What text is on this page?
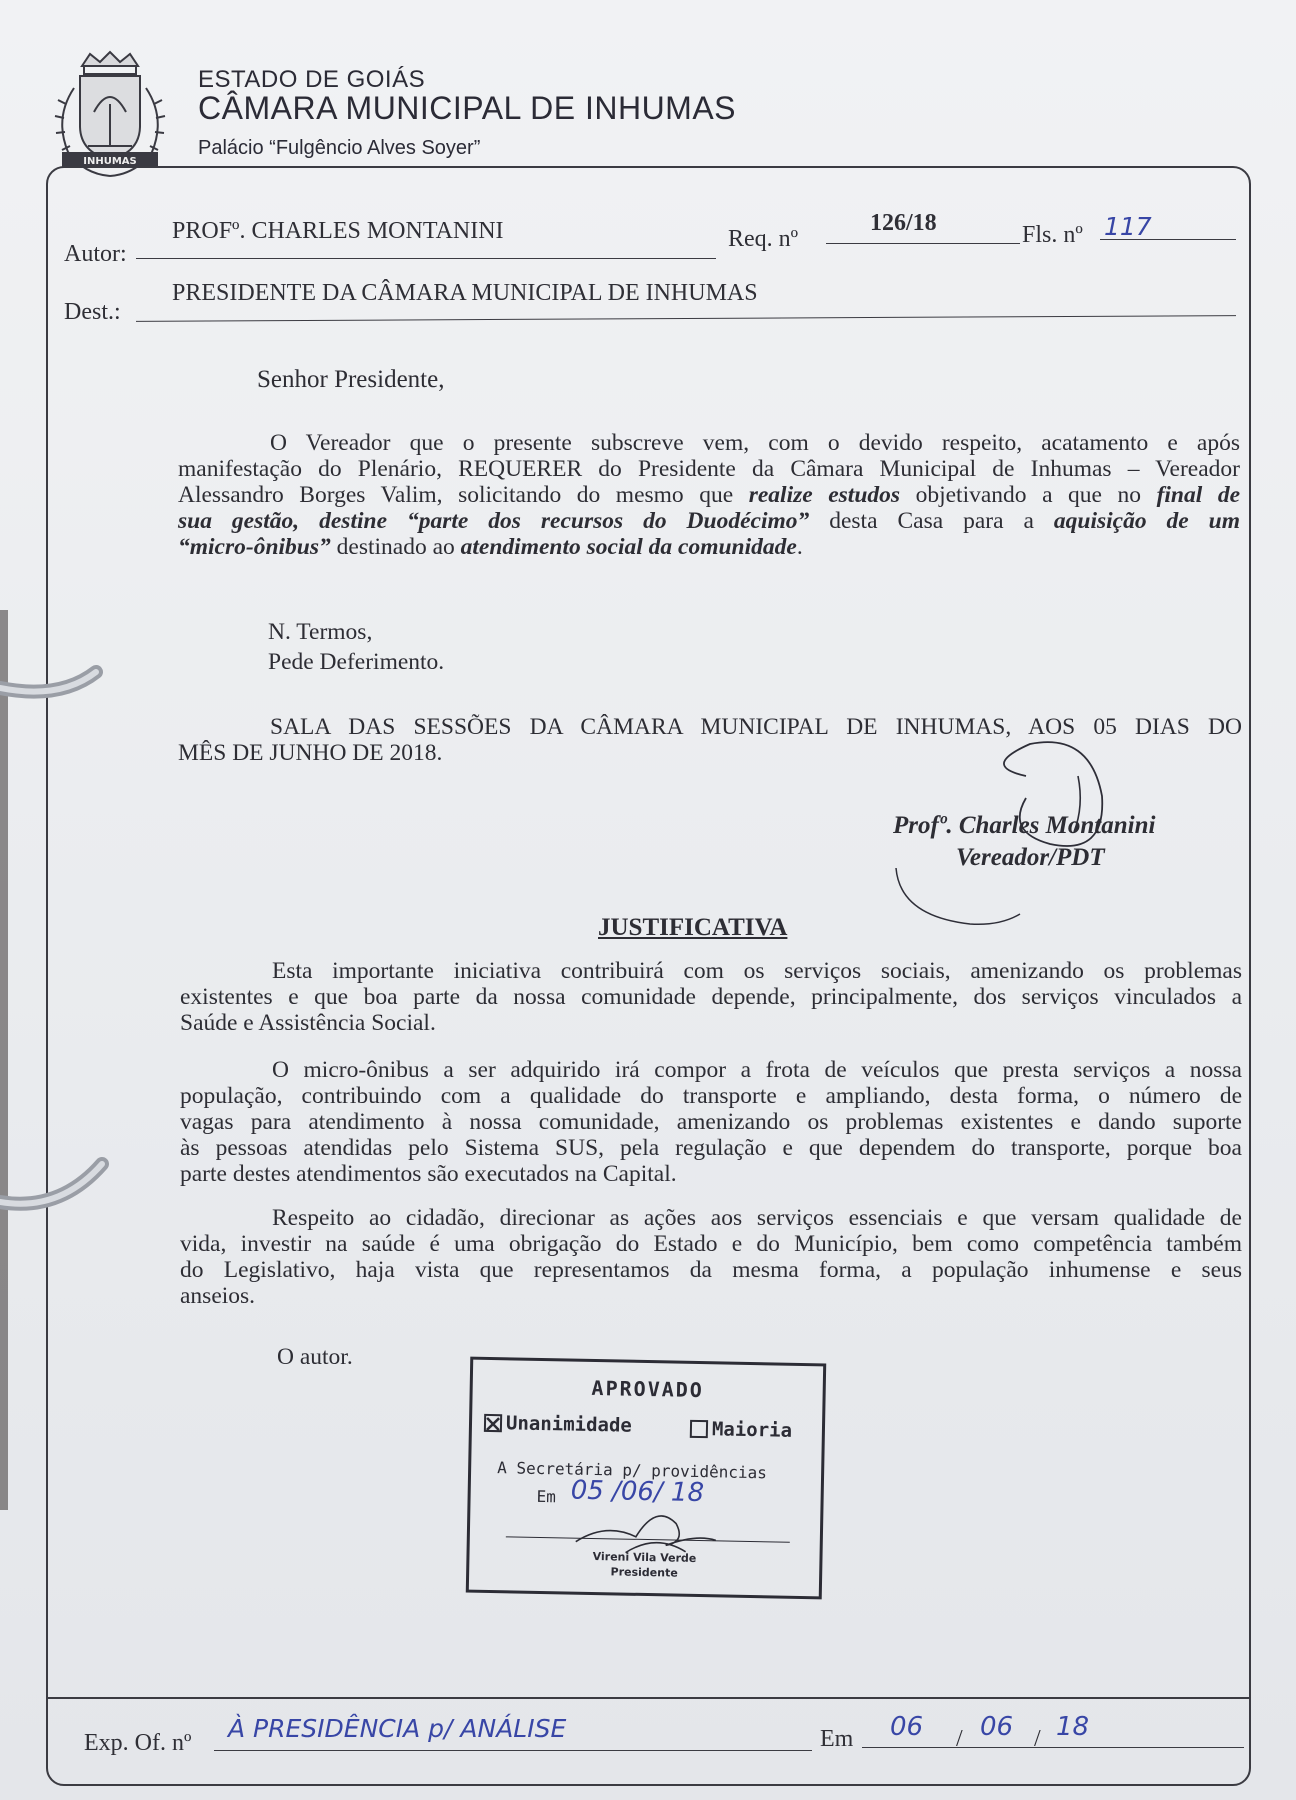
INHUMAS
ESTADO DE GOIÁS
CÂMARA MUNICIPAL DE INHUMAS
Palácio “Fulgêncio Alves Soyer”
Autor:
PROFº. CHARLES MONTANINI	Req. nº
126/18	Fls. nº 117
Dest.:
PRESIDENTE DA CÂMARA MUNICIPAL DE INHUMAS
Senhor Presidente,
O Vereador que o presente subscreve vem, com o devido respeito, acatamento e após
manifestação do Plenário, REQUERER do Presidente da Câmara Municipal de Inhumas – Vereador
Alessandro Borges Valim, solicitando do mesmo que realize estudos objetivando a que no final de
sua gestão, destine “parte dos recursos do Duodécimo” desta Casa para a aquisição de um
“micro-ônibus” destinado ao atendimento social da comunidade.
N. Termos,
Pede Deferimento.
SALA DAS SESSÕES DA CÂMARA MUNICIPAL DE INHUMAS, AOS 05 DIAS DO
MÊS DE JUNHO DE 2018.
Profº. Charles Montanini
Vereador/PDT
JUSTIFICATIVA
Esta importante iniciativa contribuirá com os serviços sociais, amenizando os problemas
existentes e que boa parte da nossa comunidade depende, principalmente, dos serviços vinculados a
Saúde e Assistência Social.
O micro-ônibus a ser adquirido irá compor a frota de veículos que presta serviços a nossa
população, contribuindo com a qualidade do transporte e ampliando, desta forma, o número de
vagas para atendimento à nossa comunidade, amenizando os problemas existentes e dando suporte
às pessoas atendidas pelo Sistema SUS, pela regulação e que dependem do transporte, porque boa
parte destes atendimentos são executados na Capital.
Respeito ao cidadão, direcionar as ações aos serviços essenciais e que versam qualidade de
vida, investir na saúde é uma obrigação do Estado e do Município, bem como competência também
do Legislativo, haja vista que representamos da mesma forma, a população inhumense e seus
anseios.
O autor.
APROVADO
Unanimidade	Maioria
A Secretária p/ providências
Em 05 /06/ 18
Vireni Vila Verde
Presidente
Exp. Of. nº À PRESIDÊNCIA p/ ANÁLISE	Em 06 / 06 / 18
